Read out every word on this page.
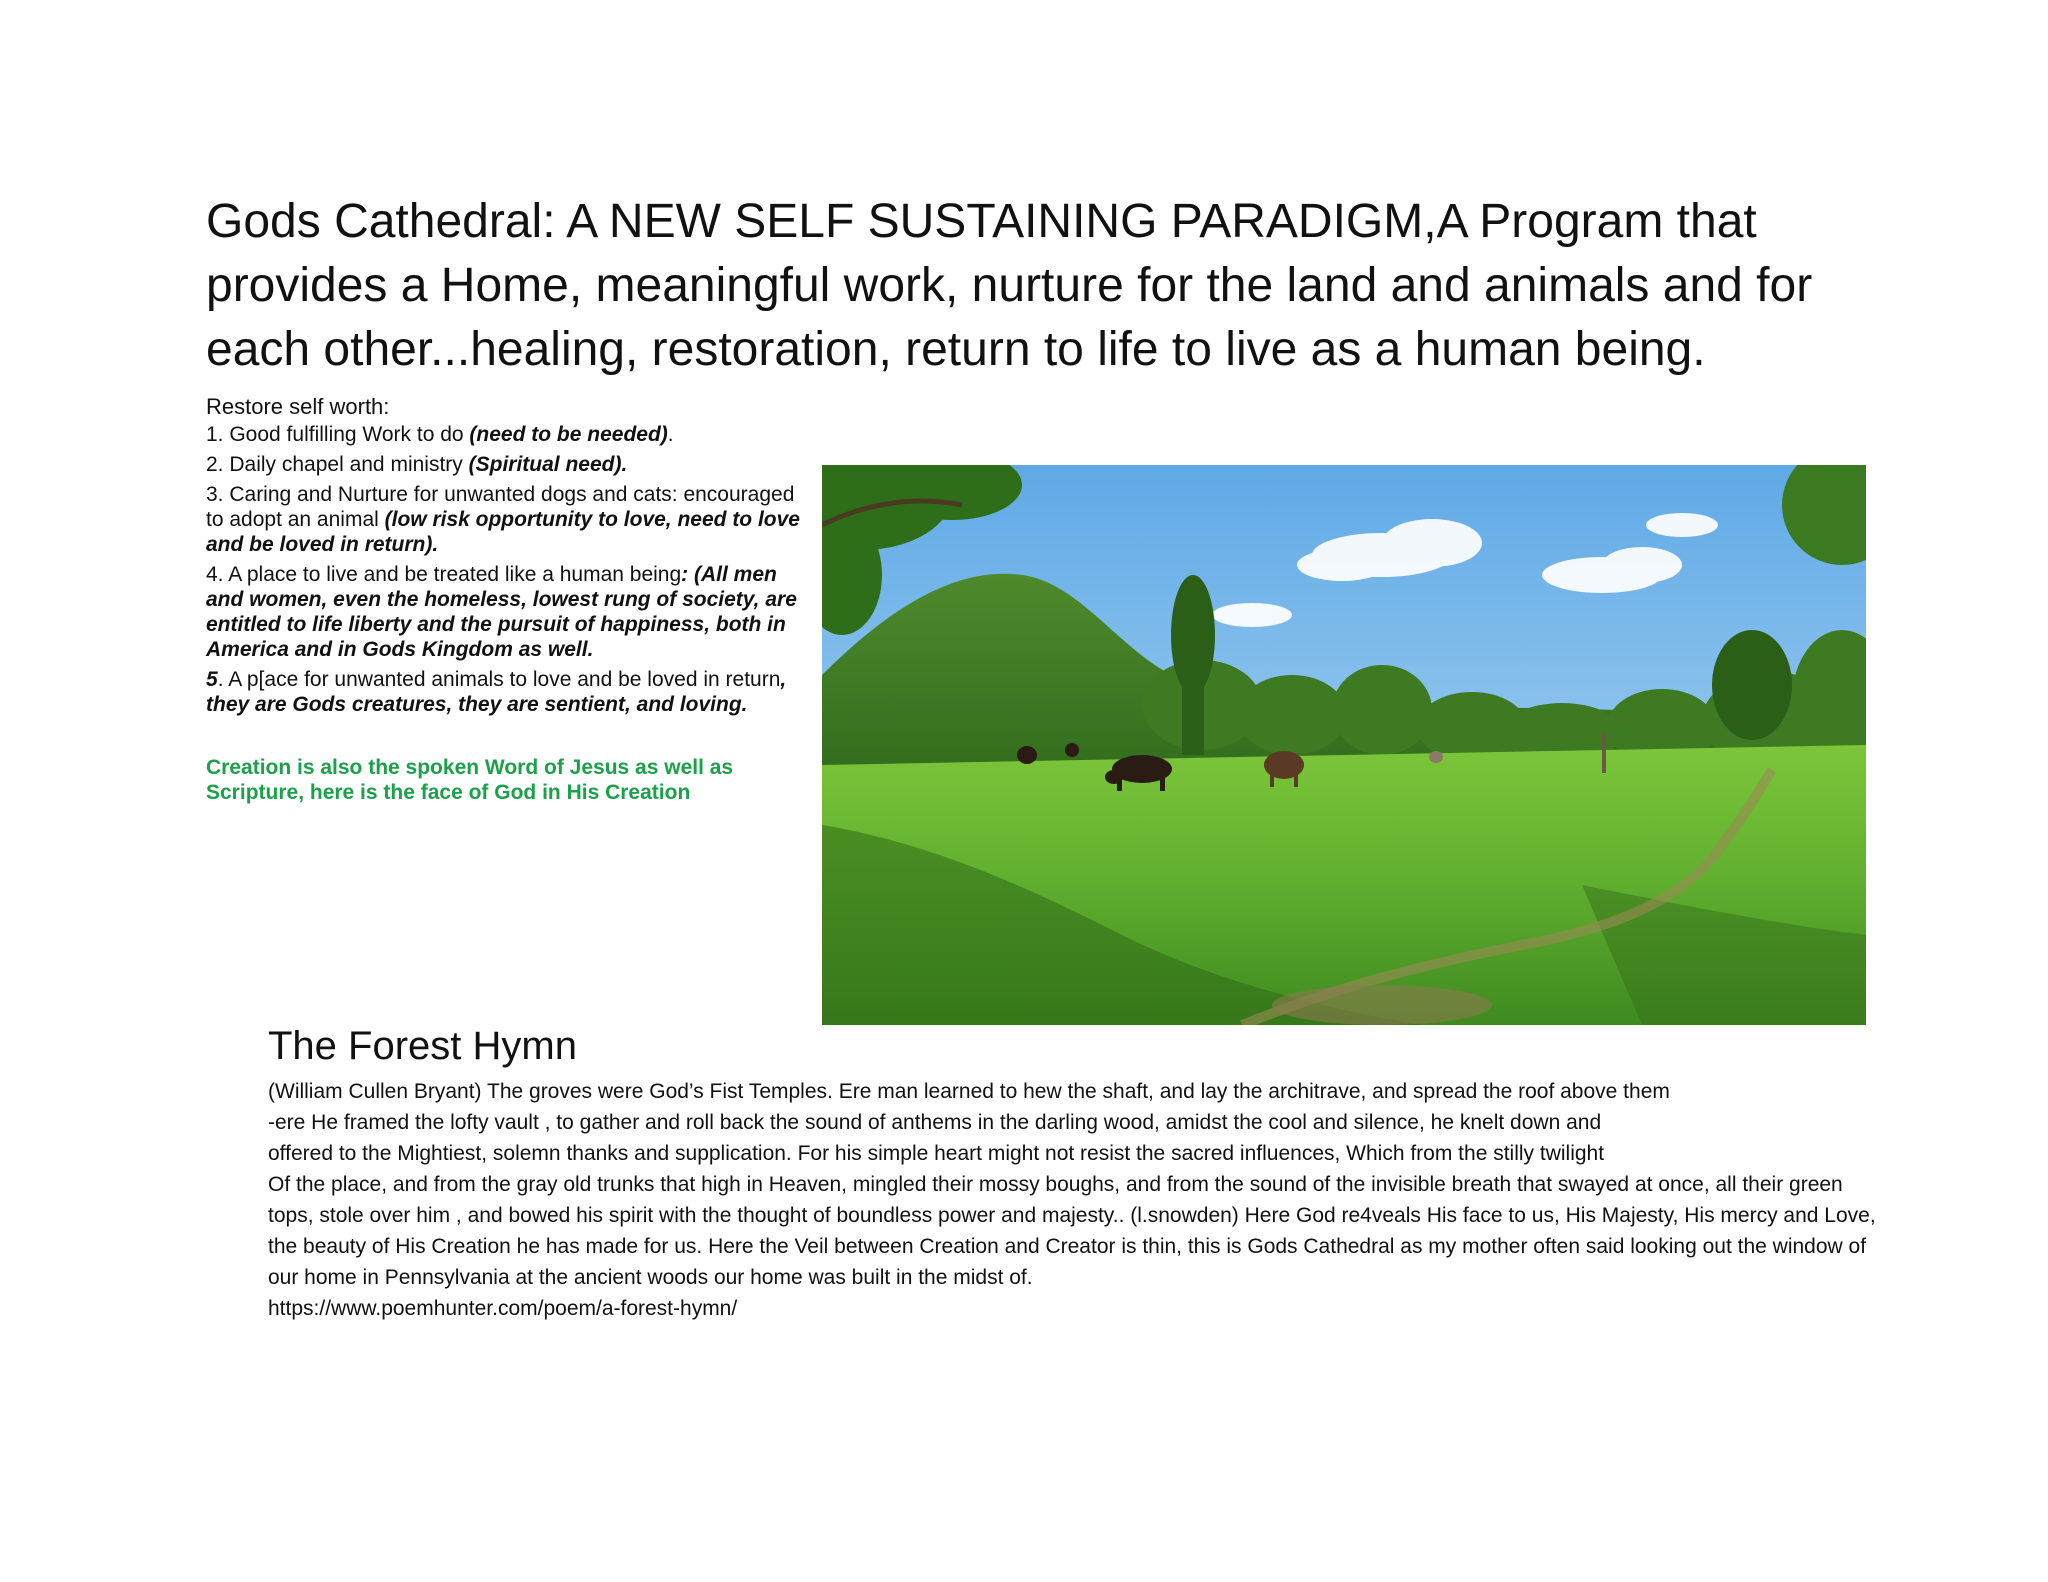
Gods Cathedral: A NEW SELF SUSTAINING PARADIGM,A Program that provides a Home, meaningful work, nurture for the land and animals and for each other...healing, restoration, return to life to live as a human being.

Restore self worth:

1. Good fulfilling Work to do (need to be needed).

2. Daily chapel and ministry (Spiritual need).

3. Caring and Nurture for unwanted dogs and cats: encouraged to adopt an animal (low risk opportunity to love, need to love and be loved in return).

4. A place to live and be treated like a human being: (All men and women, even the homeless, lowest rung of society, are entitled to life liberty and the pursuit of happiness, both in America and in Gods Kingdom as well.

5. A p[ace for unwanted animals to love and be loved in return, they are Gods creatures, they are sentient, and loving.

Creation is also the spoken Word of Jesus as well as Scripture, here is the face of God in His Creation

The Forest Hymn

(William Cullen Bryant) The groves were God’s Fist Temples. Ere man learned to hew the shaft, and lay the architrave, and spread the roof above them

-ere He framed the lofty vault , to gather and roll back the sound of anthems in the darling wood, amidst the cool and silence, he knelt down and

offered to the Mightiest, solemn thanks and supplication. For his simple heart might not resist the sacred influences, Which from the stilly twilight

Of the place, and from the gray old trunks that high in Heaven, mingled their mossy boughs, and from the sound of the invisible breath that swayed at once, all their green tops, stole over him , and bowed his spirit with the thought of boundless power and majesty.. (l.snowden) Here God re4veals His face to us, His Majesty, His mercy and Love, the beauty of His Creation he has made for us. Here the Veil between Creation and Creator is thin, this is Gods Cathedral as my mother often said looking out the window of our home in Pennsylvania at the ancient woods our home was built in the midst of.

https://www.poemhunter.com/poem/a-forest-hymn/
